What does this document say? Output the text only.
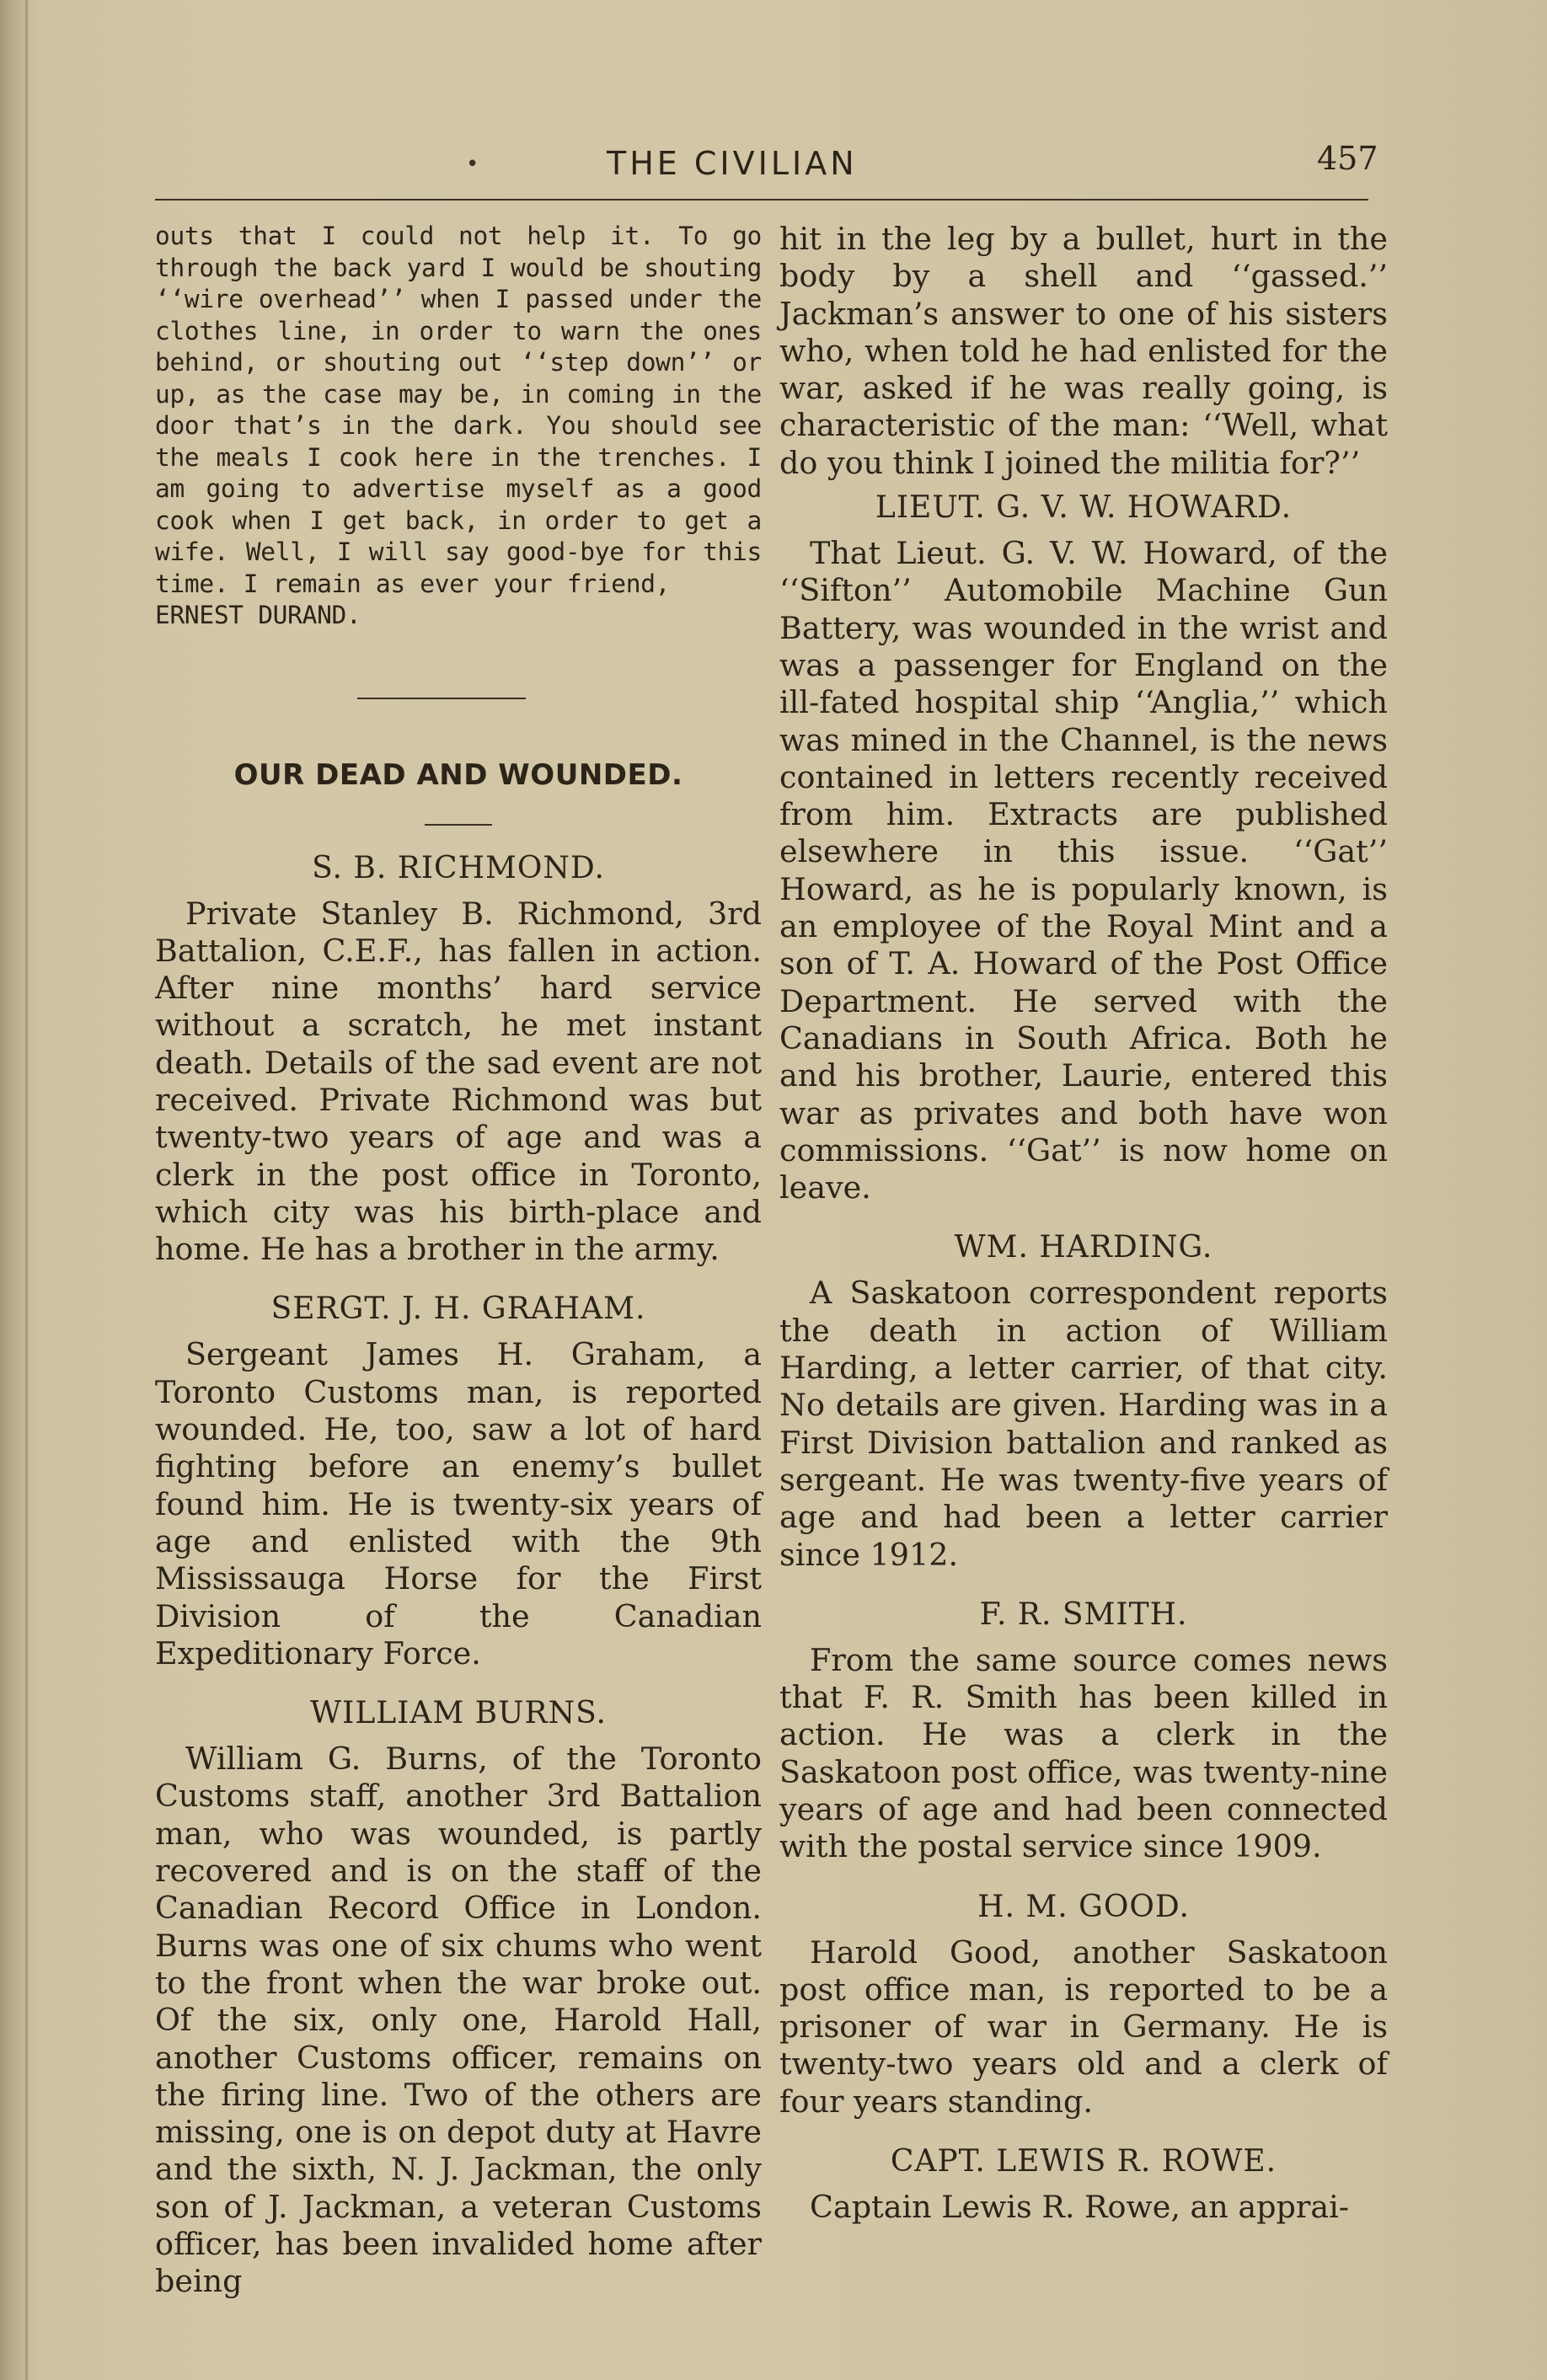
•	THE CIVILIAN	457

outs that I could not help it. To go through the back yard I would be shouting ‘‘wire overhead’’ when I passed under the clothes line, in order to warn the ones behind, or shouting out ‘‘step down’’ or up, as the case may be, in coming in the door that’s in the dark. You should see the meals I cook here in the trenches. I am going to advertise myself as a good cook when I get back, in order to get a wife. Well, I will say good-bye for this time. I remain as ever your friend,

ERNEST DURAND.

OUR DEAD AND WOUNDED.
S. B. RICHMOND.

Private Stanley B. Richmond, 3rd Battalion, C.E.F., has fallen in action. After nine months’ hard service without a scratch, he met instant death. Details of the sad event are not received. Private Richmond was but twenty-two years of age and was a clerk in the post office in Toronto, which city was his birth-place and home. He has a brother in the army.

SERGT. J. H. GRAHAM.

Sergeant James H. Graham, a Toronto Customs man, is reported wounded. He, too, saw a lot of hard fighting before an enemy’s bullet found him. He is twenty-six years of age and enlisted with the 9th Mississauga Horse for the First Division of the Canadian Expeditionary Force.

WILLIAM BURNS.

William G. Burns, of the Toronto Customs staff, another 3rd Battalion man, who was wounded, is partly recovered and is on the staff of the Canadian Record Office in London. Burns was one of six chums who went to the front when the war broke out. Of the six, only one, Harold Hall, another Customs officer, remains on the firing line. Two of the others are missing, one is on depot duty at Havre and the sixth, N. J. Jackman, the only son of J. Jackman, a veteran Customs officer, has been invalided home after being

hit in the leg by a bullet, hurt in the body by a shell and ‘‘gassed.’’ Jackman’s answer to one of his sisters who, when told he had enlisted for the war, asked if he was really going, is characteristic of the man: ‘‘Well, what do you think I joined the militia for?’’

LIEUT. G. V. W. HOWARD.

That Lieut. G. V. W. Howard, of the ‘‘Sifton’’ Automobile Machine Gun Battery, was wounded in the wrist and was a passenger for England on the ill-fated hospital ship ‘‘Anglia,’’ which was mined in the Channel, is the news contained in letters recently received from him. Extracts are published elsewhere in this issue. ‘‘Gat’’ Howard, as he is popularly known, is an employee of the Royal Mint and a son of T. A. Howard of the Post Office Department. He served with the Canadians in South Africa. Both he and his brother, Laurie, entered this war as privates and both have won commissions. ‘‘Gat’’ is now home on leave.

WM. HARDING.

A Saskatoon correspondent reports the death in action of William Harding, a letter carrier, of that city. No details are given. Harding was in a First Division battalion and ranked as sergeant. He was twenty-five years of age and had been a letter carrier since 1912.

F. R. SMITH.

From the same source comes news that F. R. Smith has been killed in action. He was a clerk in the Saskatoon post office, was twenty-nine years of age and had been connected with the postal service since 1909.

H. M. GOOD.

Harold Good, another Saskatoon post office man, is reported to be a prisoner of war in Germany. He is twenty-two years old and a clerk of four years standing.

CAPT. LEWIS R. ROWE.

Captain Lewis R. Rowe, an apprai-
